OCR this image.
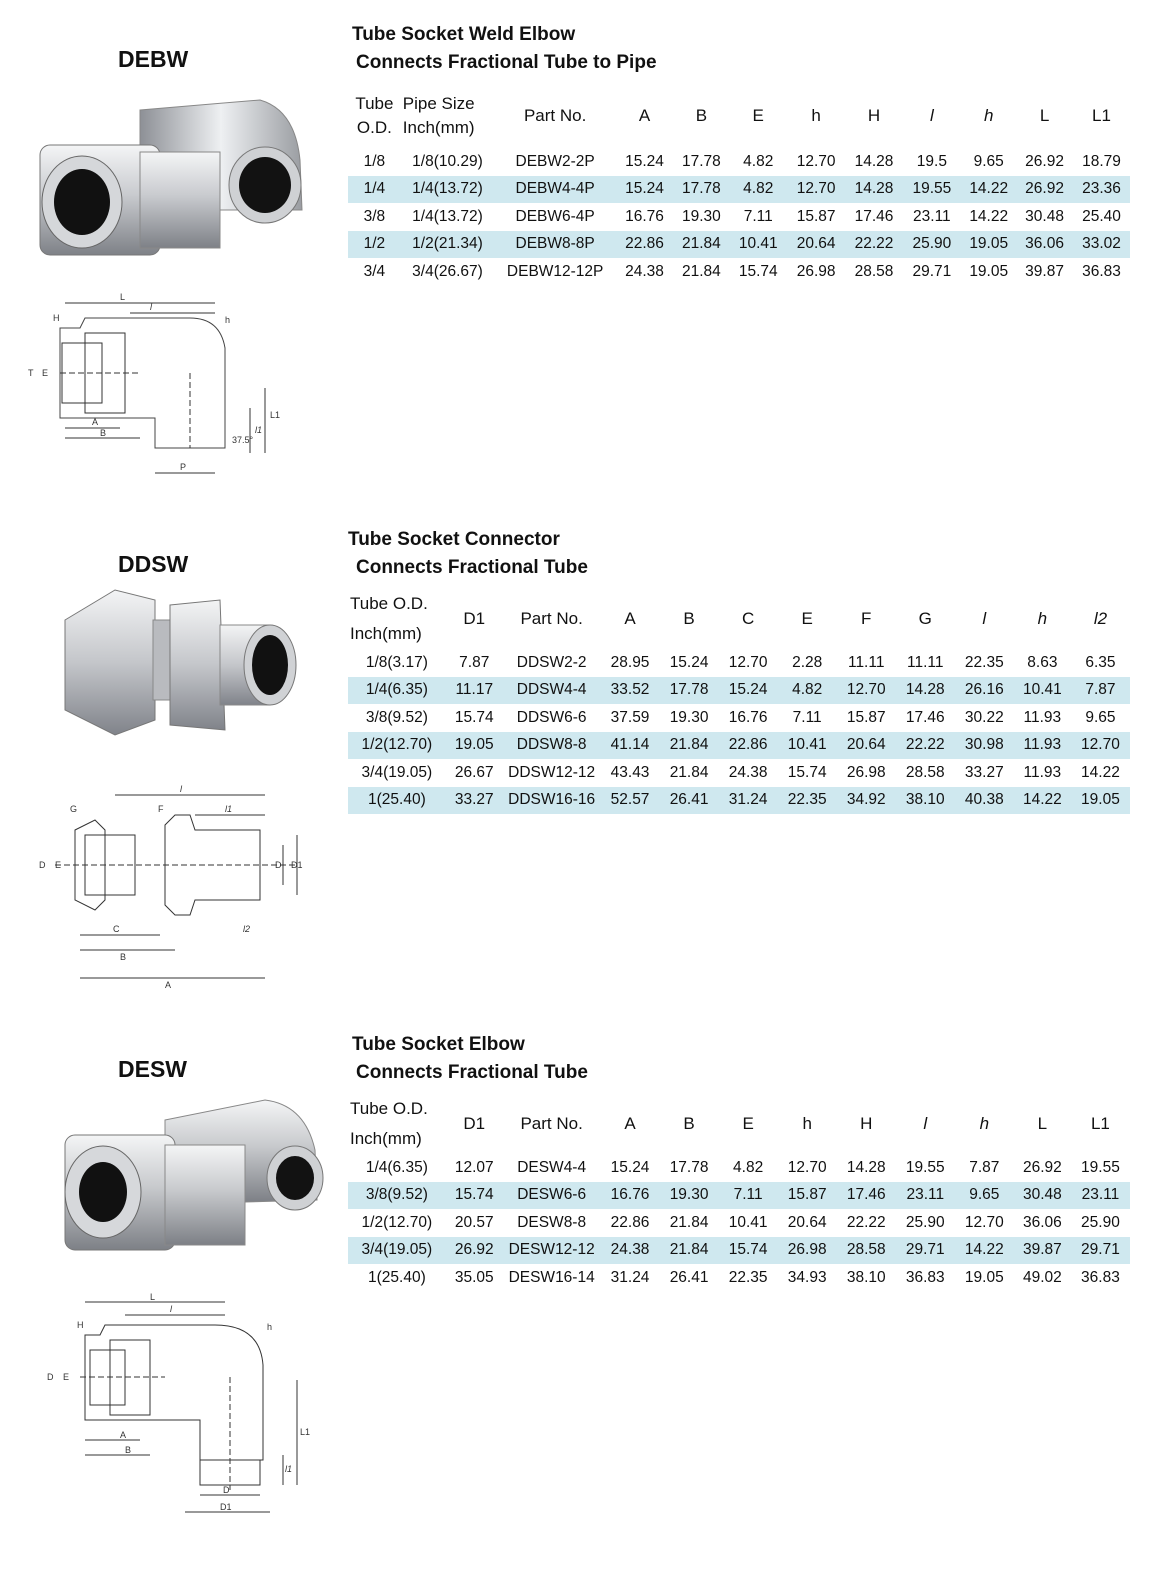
DEBW
L
l
h
H
T E
A
B
L1
l1
37.5°
P
Tube Socket Weld Elbow
Connects Fractional Tube to Pipe
Tube O.D.	Pipe Size Inch(mm)	Part No.	A	B	E	h	H	l	h	L	L1

1/8	1/8(10.29)	DEBW2-2P	15.24	17.78	4.82	12.70	14.28	19.5	9.65	26.92	18.79
1/4	1/4(13.72)	DEBW4-4P	15.24	17.78	4.82	12.70	14.28	19.55	14.22	26.92	23.36
3/8	1/4(13.72)	DEBW6-4P	16.76	19.30	7.11	15.87	17.46	23.11	14.22	30.48	25.40
1/2	1/2(21.34)	DEBW8-8P	22.86	21.84	10.41	20.64	22.22	25.90	19.05	36.06	33.02
3/4	3/4(26.67)	DEBW12-12P	24.38	21.84	15.74	26.98	28.58	29.71	19.05	39.87	36.83
DDSW
l
G	F	l1
D E	D D1
C	l2
B
A
Tube Socket Connector
Connects Fractional Tube
Tube O.D. Inch(mm)	D1	Part No.	A	B	C	E	F	G	l	h	l2
1/8(3.17)	7.87	DDSW2-2	28.95	15.24	12.70	2.28	11.11	11.11	22.35	8.63	6.35
1/4(6.35)	11.17	DDSW4-4	33.52	17.78	15.24	4.82	12.70	14.28	26.16	10.41	7.87
3/8(9.52)	15.74	DDSW6-6	37.59	19.30	16.76	7.11	15.87	17.46	30.22	11.93	9.65
1/2(12.70)	19.05	DDSW8-8	41.14	21.84	22.86	10.41	20.64	22.22	30.98	11.93	12.70
3/4(19.05)	26.67	DDSW12-12	43.43	21.84	24.38	15.74	26.98	28.58	33.27	11.93	14.22
1(25.40)	33.27	DDSW16-16	52.57	26.41	31.24	22.35	34.92	38.10	40.38	14.22	19.05
DESW
L
l
h
H
D E
A
B
L1
l1
D
D1
Tube Socket Elbow
Connects Fractional Tube
Tube O.D. Inch(mm)	D1	Part No.	A	B	E	h	H	l	h	L	L1
1/4(6.35)	12.07	DESW4-4	15.24	17.78	4.82	12.70	14.28	19.55	7.87	26.92	19.55
3/8(9.52)	15.74	DESW6-6	16.76	19.30	7.11	15.87	17.46	23.11	9.65	30.48	23.11
1/2(12.70)	20.57	DESW8-8	22.86	21.84	10.41	20.64	22.22	25.90	12.70	36.06	25.90
3/4(19.05)	26.92	DESW12-12	24.38	21.84	15.74	26.98	28.58	29.71	14.22	39.87	29.71
1(25.40)	35.05	DESW16-14	31.24	26.41	22.35	34.93	38.10	36.83	19.05	49.02	36.83
